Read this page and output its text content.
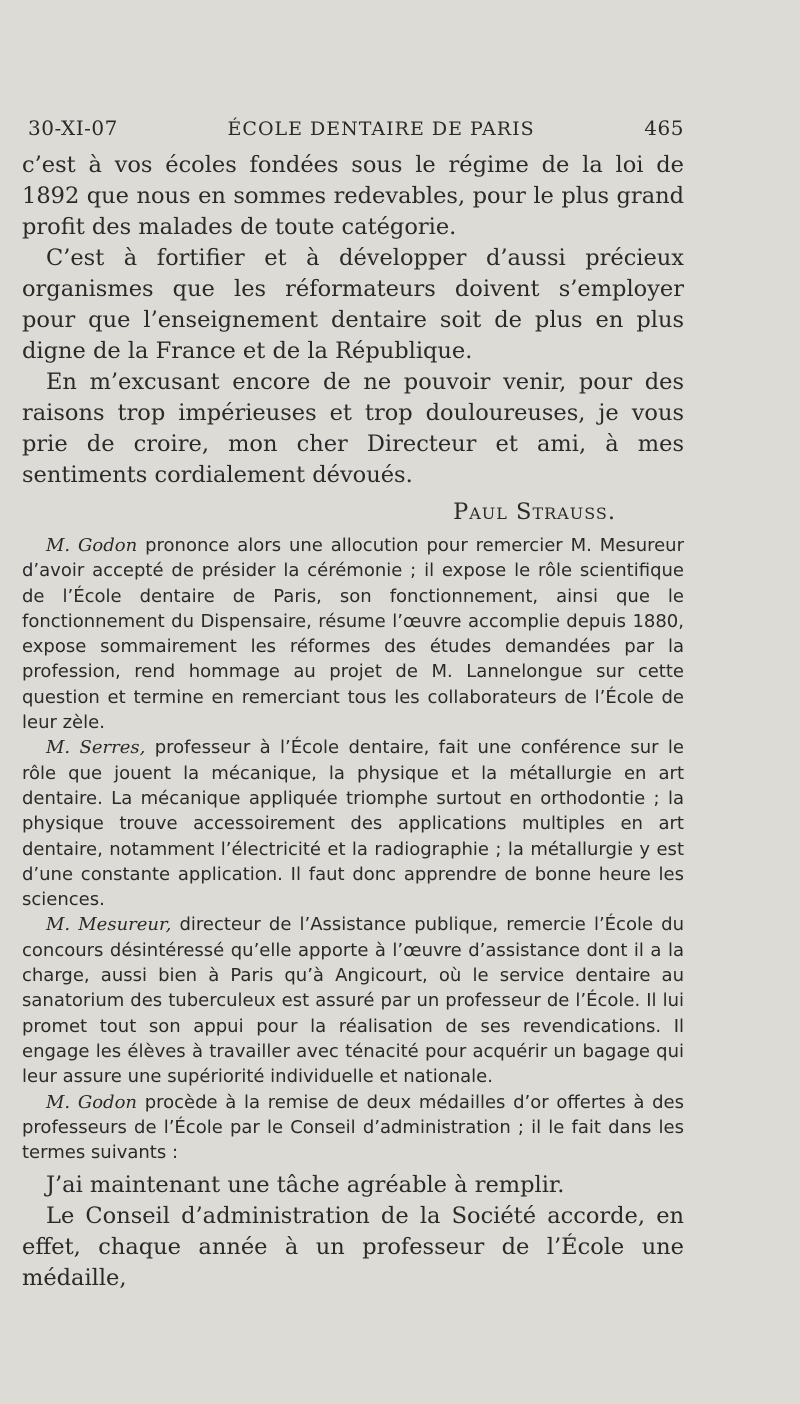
30-XI-07	ÉCOLE DENTAIRE DE PARIS	465

c’est à vos écoles fondées sous le régime de la loi de 1892 que nous en sommes redevables, pour le plus grand profit des malades de toute catégorie.

C’est à fortifier et à développer d’aussi précieux organismes que les réformateurs doivent s’employer pour que l’enseignement dentaire soit de plus en plus digne de la France et de la République.

En m’excusant encore de ne pouvoir venir, pour des raisons trop impérieuses et trop douloureuses, je vous prie de croire, mon cher Directeur et ami, à mes sentiments cordialement dévoués.

Paul Strauss.

M. Godon prononce alors une allocution pour remercier M. Mesureur d’avoir accepté de présider la cérémonie ; il expose le rôle scientifique de l’École dentaire de Paris, son fonctionnement, ainsi que le fonctionnement du Dispensaire, résume l’œuvre accomplie depuis 1880, expose sommairement les réformes des études demandées par la profession, rend hommage au projet de M. Lannelongue sur cette question et termine en remerciant tous les collaborateurs de l’École de leur zèle.

M. Serres, professeur à l’École dentaire, fait une conférence sur le rôle que jouent la mécanique, la physique et la métallurgie en art dentaire. La mécanique appliquée triomphe surtout en orthodontie ; la physique trouve accessoirement des applications multiples en art dentaire, notamment l’électricité et la radiographie ; la métallurgie y est d’une constante application. Il faut donc apprendre de bonne heure les sciences.

M. Mesureur, directeur de l’Assistance publique, remercie l’École du concours désintéressé qu’elle apporte à l’œuvre d’assistance dont il a la charge, aussi bien à Paris qu’à Angicourt, où le service dentaire au sanatorium des tuberculeux est assuré par un professeur de l’École. Il lui promet tout son appui pour la réalisation de ses revendications. Il engage les élèves à travailler avec ténacité pour acquérir un bagage qui leur assure une supériorité individuelle et nationale.

M. Godon procède à la remise de deux médailles d’or offertes à des professeurs de l’École par le Conseil d’administration ; il le fait dans les termes suivants :

J’ai maintenant une tâche agréable à remplir.

Le Conseil d’administration de la Société accorde, en effet, chaque année à un professeur de l’École une médaille,
